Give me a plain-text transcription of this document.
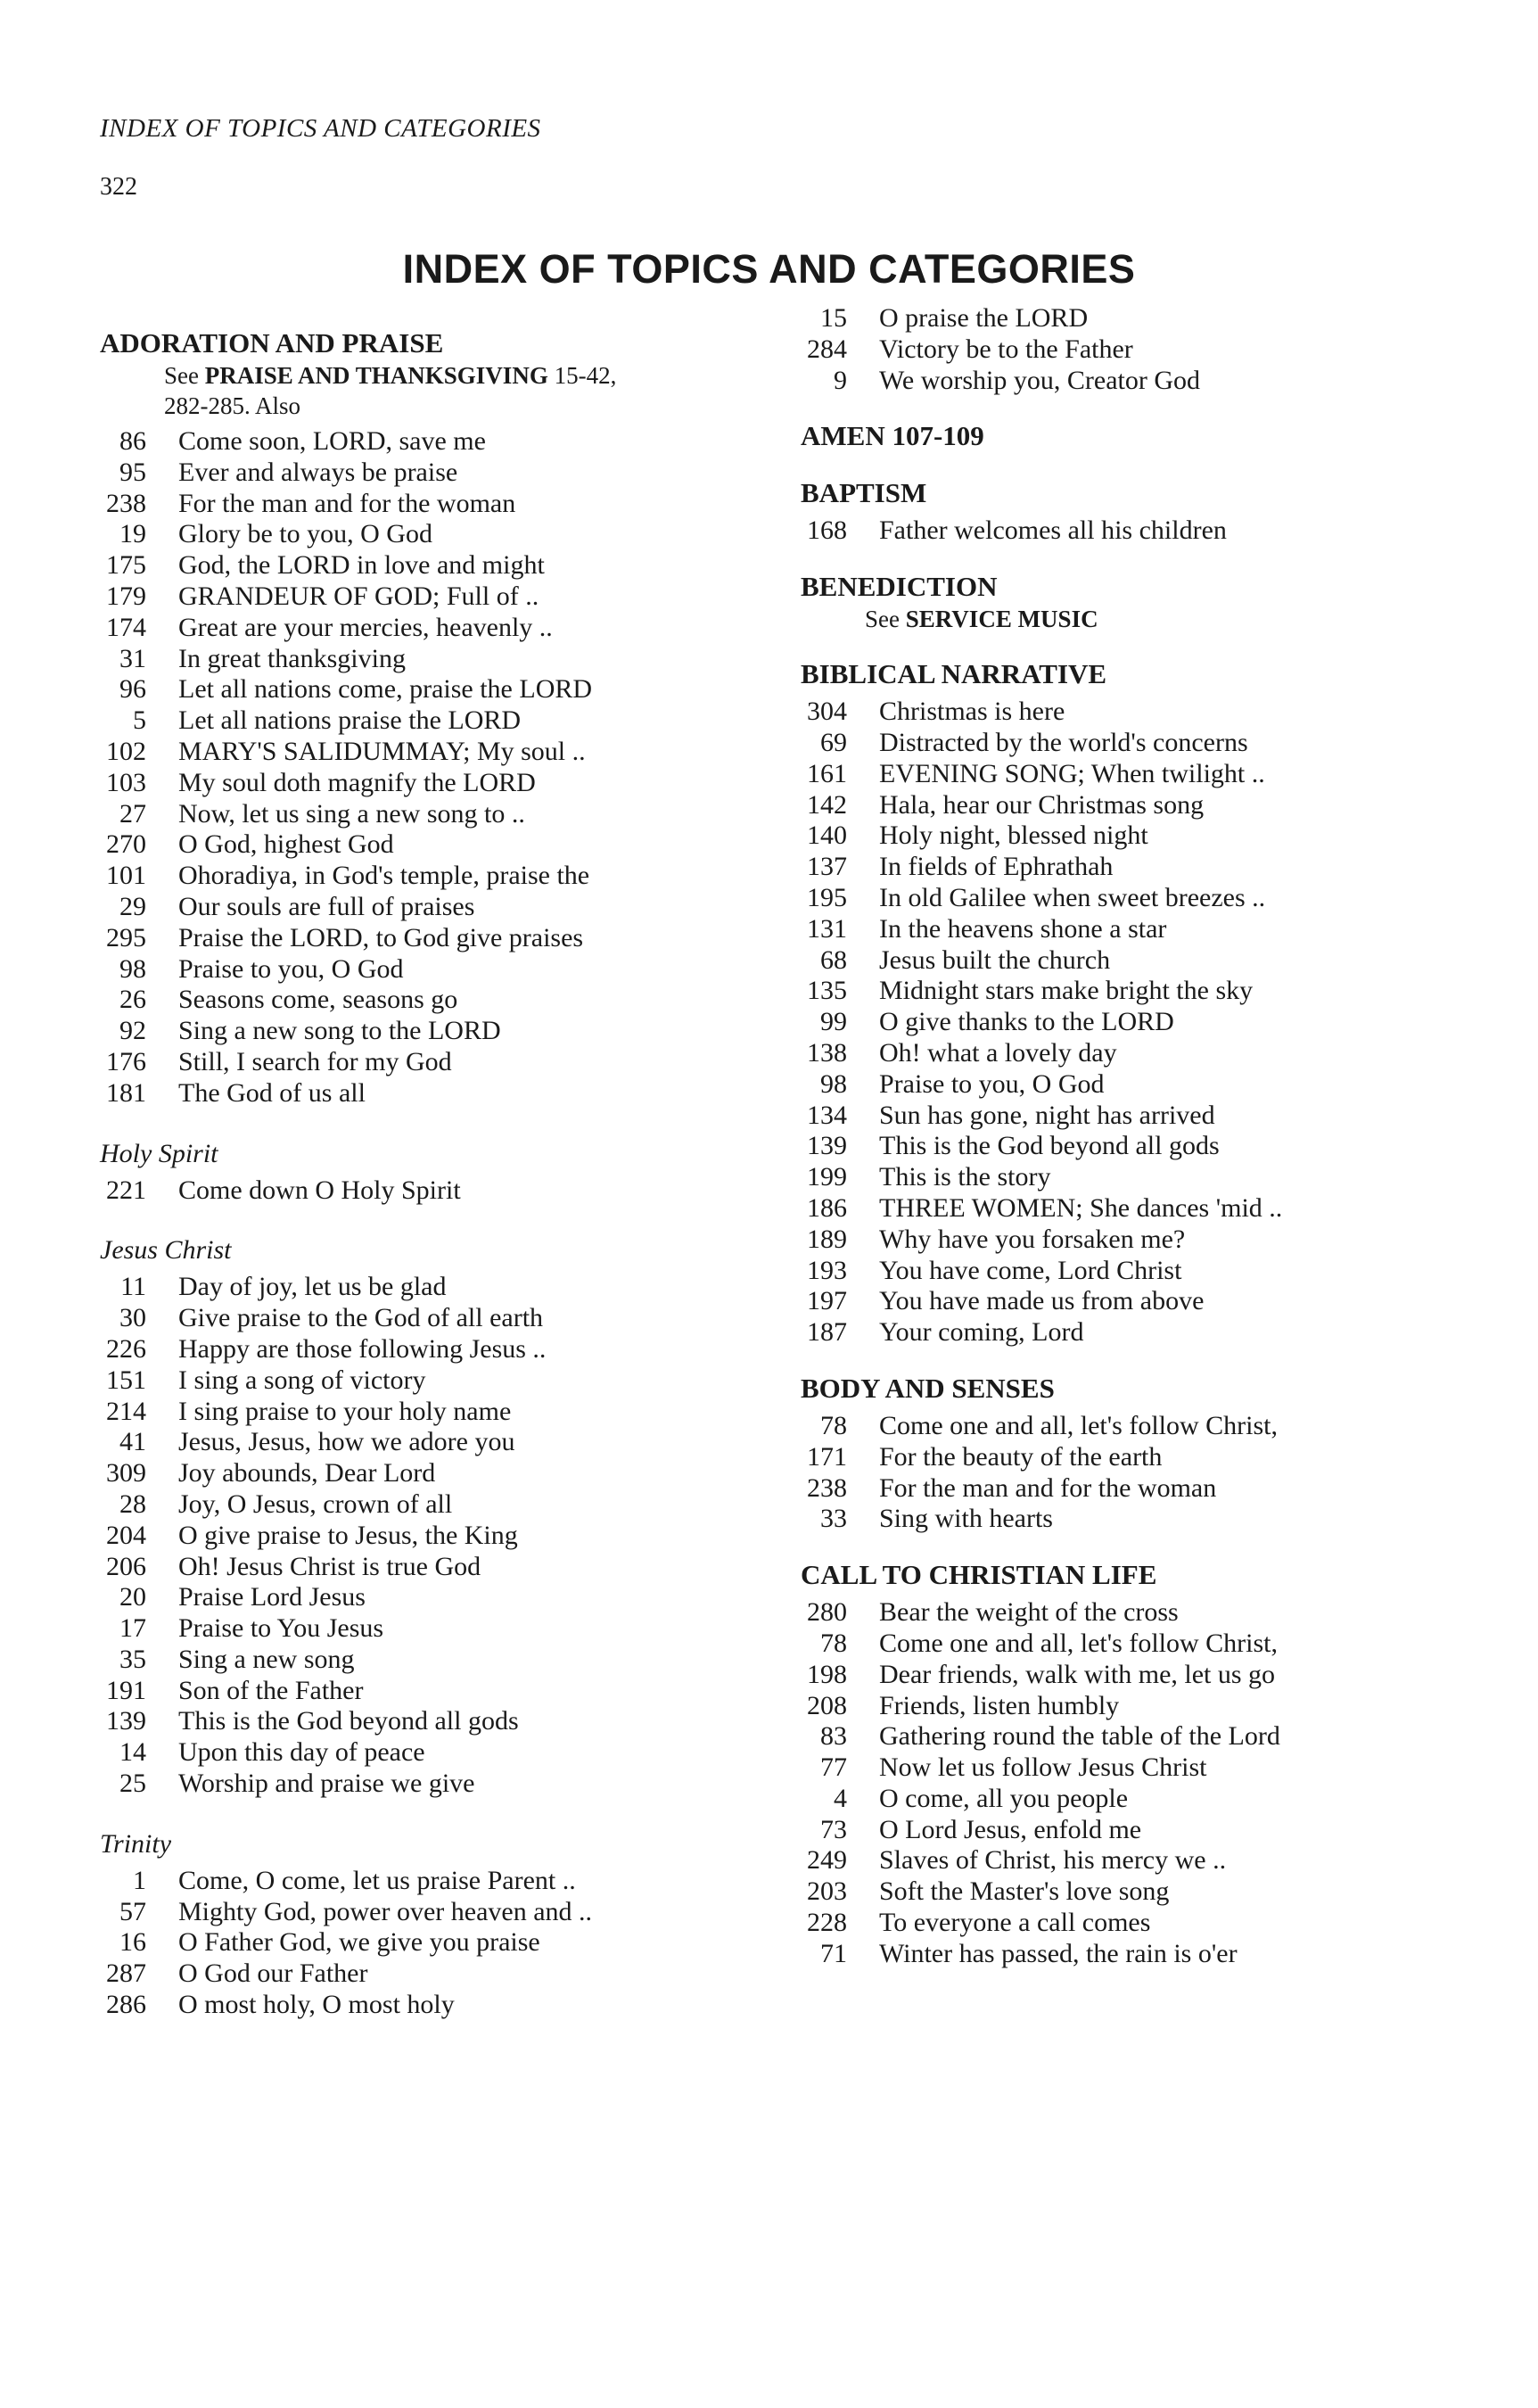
INDEX OF TOPICS AND CATEGORIES
322
INDEX OF TOPICS AND CATEGORIES
ADORATION AND PRAISE
See PRAISE AND THANKSGIVING 15-42,
282-285. Also
86 Come soon, LORD, save me
95 Ever and always be praise
238 For the man and for the woman
19 Glory be to you, O God
175 God, the LORD in love and might
179 GRANDEUR OF GOD; Full of ..
174 Great are your mercies, heavenly ..
31 In great thanksgiving
96 Let all nations come, praise the LORD
5 Let all nations praise the LORD
102 MARY'S SALIDUMMAY; My soul ..
103 My soul doth magnify the LORD
27 Now, let us sing a new song to ..
270 O God, highest God
101 Ohoradiya, in God's temple, praise the
29 Our souls are full of praises
295 Praise the LORD, to God give praises
98 Praise to you, O God
26 Seasons come, seasons go
92 Sing a new song to the LORD
176 Still, I search for my God
181 The God of us all
Holy Spirit
221 Come down O Holy Spirit
Jesus Christ
11 Day of joy, let us be glad
30 Give praise to the God of all earth
226 Happy are those following Jesus ..
151 I sing a song of victory
214 I sing praise to your holy name
41 Jesus, Jesus, how we adore you
309 Joy abounds, Dear Lord
28 Joy, O Jesus, crown of all
204 O give praise to Jesus, the King
206 Oh! Jesus Christ is true God
20 Praise Lord Jesus
17 Praise to You Jesus
35 Sing a new song
191 Son of the Father
139 This is the God beyond all gods
14 Upon this day of peace
25 Worship and praise we give
Trinity
1 Come, O come, let us praise Parent ..
57 Mighty God, power over heaven and ..
16 O Father God, we give you praise
287 O God our Father
286 O most holy, O most holy
15 O praise the LORD
284 Victory be to the Father
9 We worship you, Creator God
AMEN 107-109
BAPTISM
168 Father welcomes all his children
BENEDICTION
See SERVICE MUSIC
BIBLICAL NARRATIVE
304 Christmas is here
69 Distracted by the world's concerns
161 EVENING SONG; When twilight ..
142 Hala, hear our Christmas song
140 Holy night, blessed night
137 In fields of Ephrathah
195 In old Galilee when sweet breezes ..
131 In the heavens shone a star
68 Jesus built the church
135 Midnight stars make bright the sky
99 O give thanks to the LORD
138 Oh! what a lovely day
98 Praise to you, O God
134 Sun has gone, night has arrived
139 This is the God beyond all gods
199 This is the story
186 THREE WOMEN; She dances 'mid ..
189 Why have you forsaken me?
193 You have come, Lord Christ
197 You have made us from above
187 Your coming, Lord
BODY AND SENSES
78 Come one and all, let's follow Christ,
171 For the beauty of the earth
238 For the man and for the woman
33 Sing with hearts
CALL TO CHRISTIAN LIFE
280 Bear the weight of the cross
78 Come one and all, let's follow Christ,
198 Dear friends, walk with me, let us go
208 Friends, listen humbly
83 Gathering round the table of the Lord
77 Now let us follow Jesus Christ
4 O come, all you people
73 O Lord Jesus, enfold me
249 Slaves of Christ, his mercy we ..
203 Soft the Master's love song
228 To everyone a call comes
71 Winter has passed, the rain is o'er
